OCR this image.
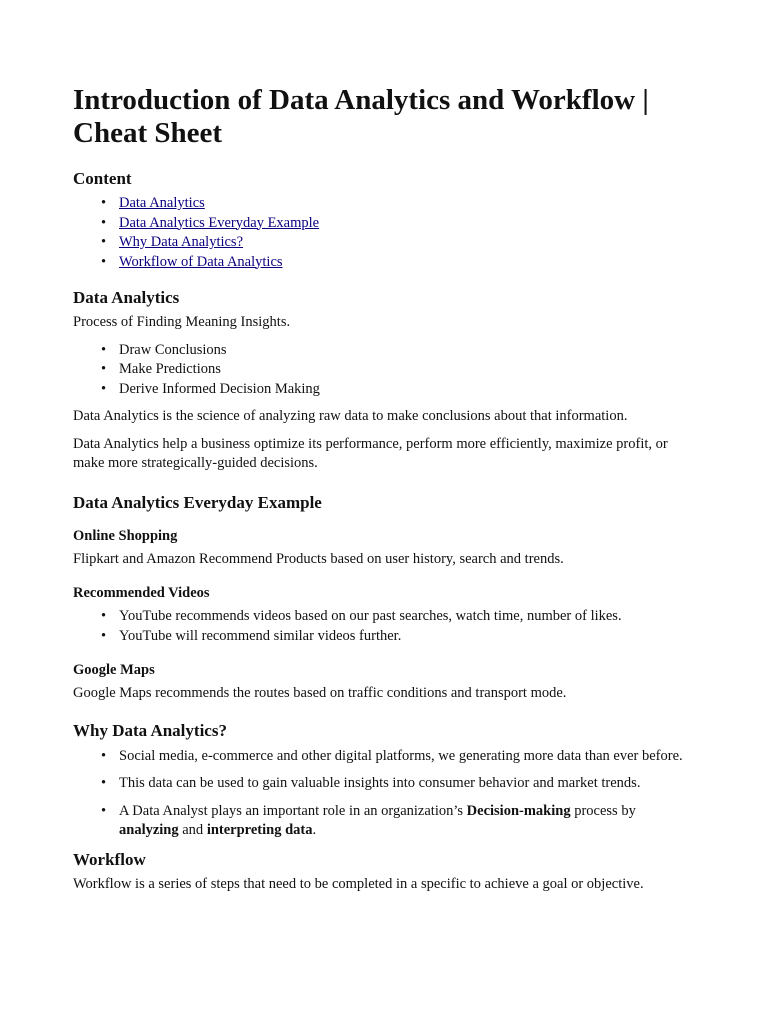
Introduction of Data Analytics and Workflow | Cheat Sheet
Content
• Data Analytics
• Data Analytics Everyday Example
• Why Data Analytics?
• Workflow of Data Analytics
Data Analytics

Process of Finding Meaning Insights.

• Draw Conclusions
• Make Predictions
• Derive Informed Decision Making

Data Analytics is the science of analyzing raw data to make conclusions about that information.

Data Analytics help a business optimize its performance, perform more efficiently, maximize profit, or make more strategically-guided decisions.

Data Analytics Everyday Example
Online Shopping

Flipkart and Amazon Recommend Products based on user history, search and trends.

Recommended Videos
• YouTube recommends videos based on our past searches, watch time, number of likes.
• YouTube will recommend similar videos further.
Google Maps

Google Maps recommends the routes based on traffic conditions and transport mode.

Why Data Analytics?
• Social media, e-commerce and other digital platforms, we generating more data than ever before.
• This data can be used to gain valuable insights into consumer behavior and market trends.
• A Data Analyst plays an important role in an organization’s Decision-making process by analyzing and interpreting data.
Workflow

Workflow is a series of steps that need to be completed in a specific to achieve a goal or objective.
